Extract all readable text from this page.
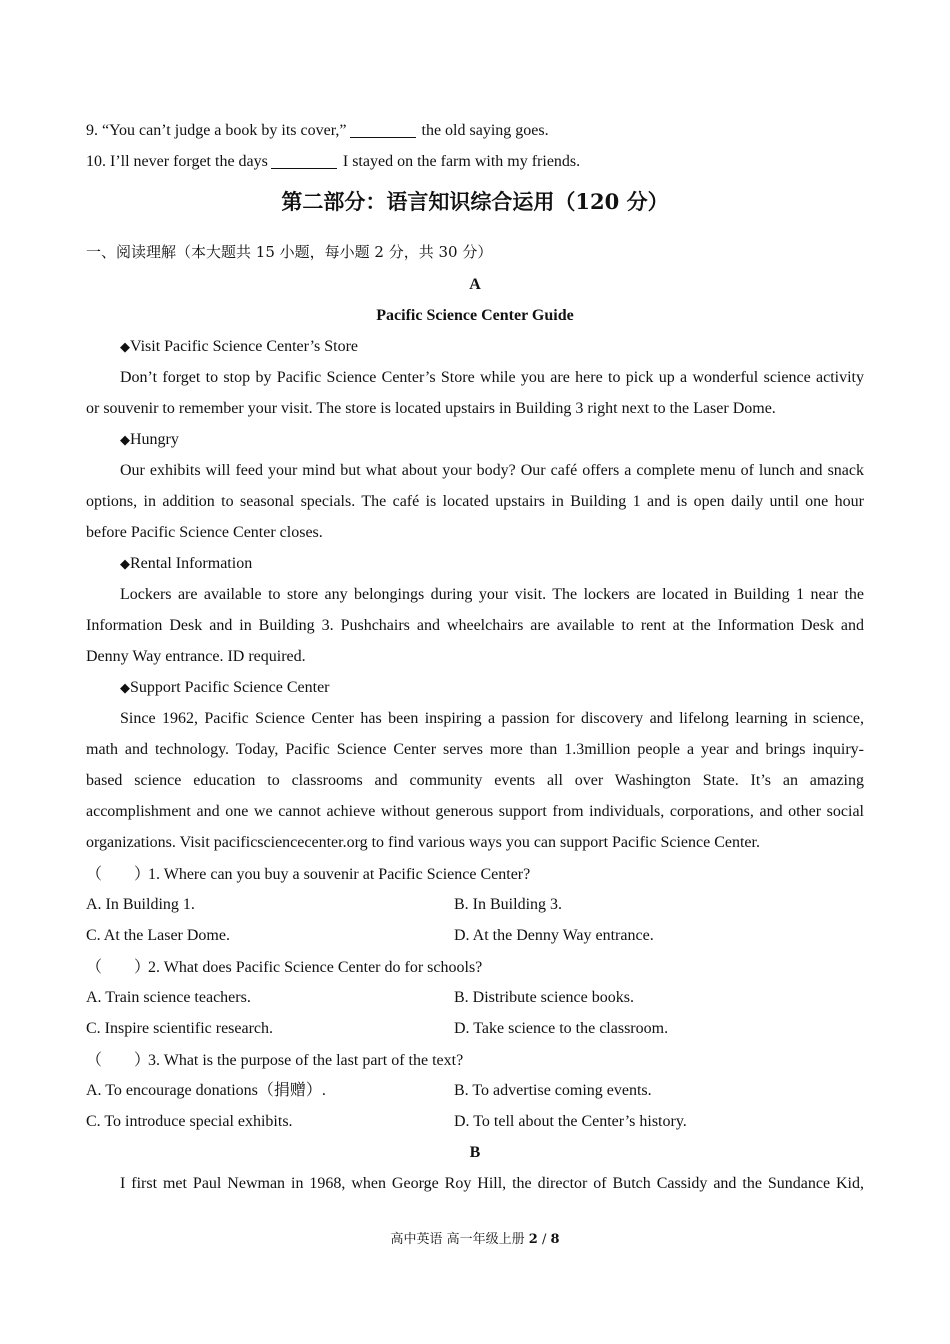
9. “You can’t judge a book by its cover,”	the old saying goes.
10. I’ll never forget the days	I stayed on the farm with my friends.
第二部分：语言知识综合运用（120 分）
一、阅读理解（本大题共 15 小题，每小题 2 分，共 30 分）
A
Pacific Science Center Guide
◆Visit Pacific Science Center’s Store
Don’t forget to stop by Pacific Science Center’s Store while you are here to pick up a wonderful science activity
or souvenir to remember your visit. The store is located upstairs in Building 3 right next to the Laser Dome.
◆Hungry
Our exhibits will feed your mind but what about your body? Our café offers a complete menu of lunch and snack
options, in addition to seasonal specials. The café is located upstairs in Building 1 and is open daily until one hour
before Pacific Science Center closes.
◆Rental Information
Lockers are available to store any belongings during your visit. The lockers are located in Building 1 near the
Information Desk and in Building 3. Pushchairs and wheelchairs are available to rent at the Information Desk and
Denny Way entrance. ID required.
◆Support Pacific Science Center
Since 1962, Pacific Science Center has been inspiring a passion for discovery and lifelong learning in science,
math and technology. Today, Pacific Science Center serves more than 1.3million people a year and brings inquiry-
based science education to classrooms and community events all over Washington State. It’s an amazing
accomplishment and one we cannot achieve without generous support from individuals, corporations, and other social
organizations. Visit pacificsciencecenter.org to find various ways you can support Pacific Science Center.
（　　）1. Where can you buy a souvenir at Pacific Science Center?
A. In Building 1.	B. In Building 3.
C. At the Laser Dome.	D. At the Denny Way entrance.
（　　）2. What does Pacific Science Center do for schools?
A. Train science teachers.	B. Distribute science books.
C. Inspire scientific research.	D. Take science to the classroom.
（　　）3. What is the purpose of the last part of the text?
A. To encourage donations（捐赠）.	B. To advertise coming events.
C. To introduce special exhibits.	D. To tell about the Center’s history.
B
I first met Paul Newman in 1968, when George Roy Hill, the director of Butch Cassidy and the Sundance Kid,
高中英语 高一年级上册 2 / 8
